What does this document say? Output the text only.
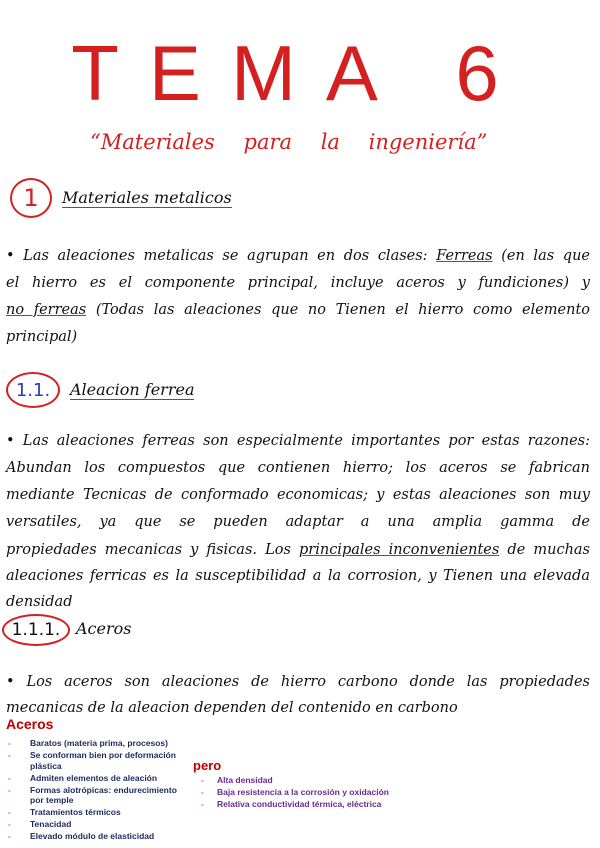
TEMA 6
“Materiales para la ingeniería”
1 Materiales metalicos
1.1. Aleacion ferrea
1.1.1. Aceros
• Las aleaciones metalicas se agrupan en dos clases: Ferreas (en las que
el hierro es el componente principal, incluye aceros y fundiciones) y
no ferreas (Todas las aleaciones que no Tienen el hierro como elemento
principal)
• Las aleaciones ferreas son especialmente importantes por estas razones:
Abundan los compuestos que contienen hierro; los aceros se fabrican
mediante Tecnicas de conformado economicas; y estas aleaciones son muy
versatiles, ya que se pueden adaptar a una amplia gamma de
propiedades mecanicas y fisicas. Los principales inconvenientes de muchas
aleaciones ferricas es la susceptibilidad a la corrosion, y Tienen una elevada
densidad
• Los aceros son aleaciones de hierro carbono donde las propiedades
mecanicas de la aleacion dependen del contenido en carbono
Aceros
- Baratos (materia prima, procesos)
- Se conforman bien por deformación plástica
- Admiten elementos de aleación
- Formas alotrópicas: endurecimiento por temple
- Tratamientos térmicos
- Tenacidad
- Elevado módulo de elasticidad
pero
- Alta densidad
- Baja resistencia a la corrosión y oxidación
- Relativa conductividad térmica, eléctrica
